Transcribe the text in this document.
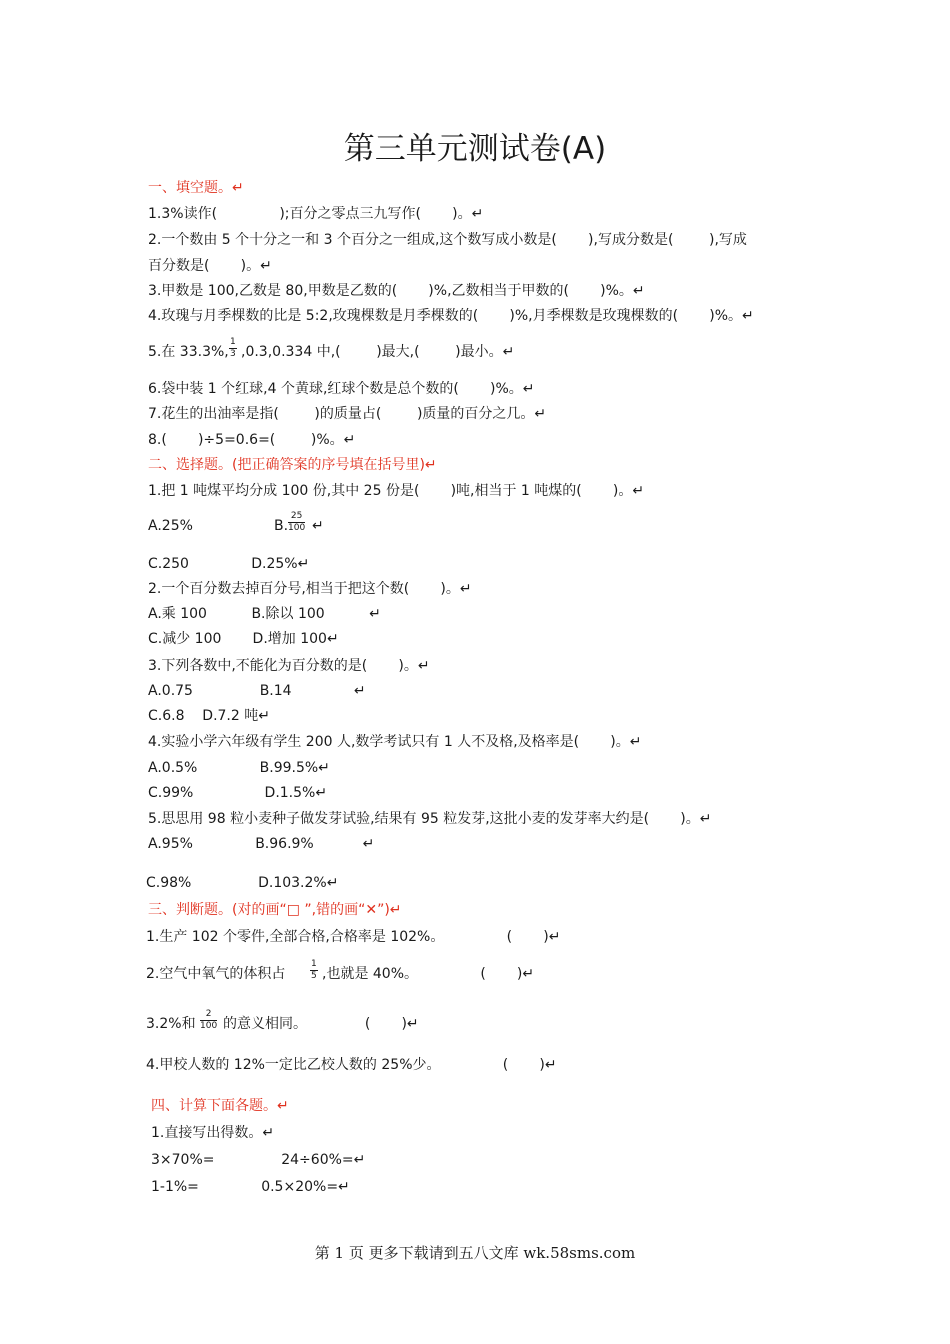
第三单元测试卷(A)
一、填空题。↵
1.3%读作(              );百分之零点三九写作(       )。↵
2.一个数由 5 个十分之一和 3 个百分之一组成,这个数写成小数是(       ),写成分数是(        ),写成
百分数是(       )。↵
3.甲数是 100,乙数是 80,甲数是乙数的(       )%,乙数相当于甲数的(       )%。↵
4.玫瑰与月季棵数的比是 5:2,玫瑰棵数是月季棵数的(       )%,月季棵数是玫瑰棵数的(       )%。↵
5.在 33.3%, $\frac{1}{3} ,0.3,0.334$ 中,(        )最大,(        )最小。↵
6.袋中装 1 个红球,4 个黄球,红球个数是总个数的(       )%。↵
7.花生的出油率是指(        )的质量占(        )质量的百分之几。↵
8.(       )÷5=0.6=(        )%。↵
二、选择题。(把正确答案的序号填在括号里)↵
1.把 1 吨煤平均分成 100 份,其中 25 份是(       )吨,相当于 1 吨煤的(       )。↵
A.25%	B. $\frac{25}{100}$ ↵
C.250              D.25%↵
2.一个百分数去掉百分号,相当于把这个数(       )。↵
A.乘 100          B.除以 100          ↵
C.减少 100       D.增加 100↵
3.下列各数中,不能化为百分数的是(       )。↵
A.0.75               B.14              ↵
C.6.8    D.7.2 吨↵
4.实验小学六年级有学生 200 人,数学考试只有 1 人不及格,及格率是(       )。↵
A.0.5%              B.99.5%↵
C.99%                D.1.5%↵
5.思思用 98 粒小麦种子做发芽试验,结果有 95 粒发芽,这批小麦的发芽率大约是(       )。↵
A.95%              B.96.9%           ↵
C.98%               D.103.2%↵
三、判断题。(对的画“□ ”,错的画“✕”)↵
1.生产 102 个零件,全部合格,合格率是 102%。              (       )↵
2.空气中氧气的体积占	$\frac{1}{5}$ ,也就是 40%。              (       )↵
3.2%和 $\frac{2}{100}$ 的意义相同。             (       )↵
4.甲校人数的 12%一定比乙校人数的 25%少。              (       )↵
四、计算下面各题。↵
1.直接写出得数。↵
3×70%=               24÷60%=↵
1-1%=              0.5×20%=↵
第 1 页 更多下载请到五八文库 wk.58sms.com
